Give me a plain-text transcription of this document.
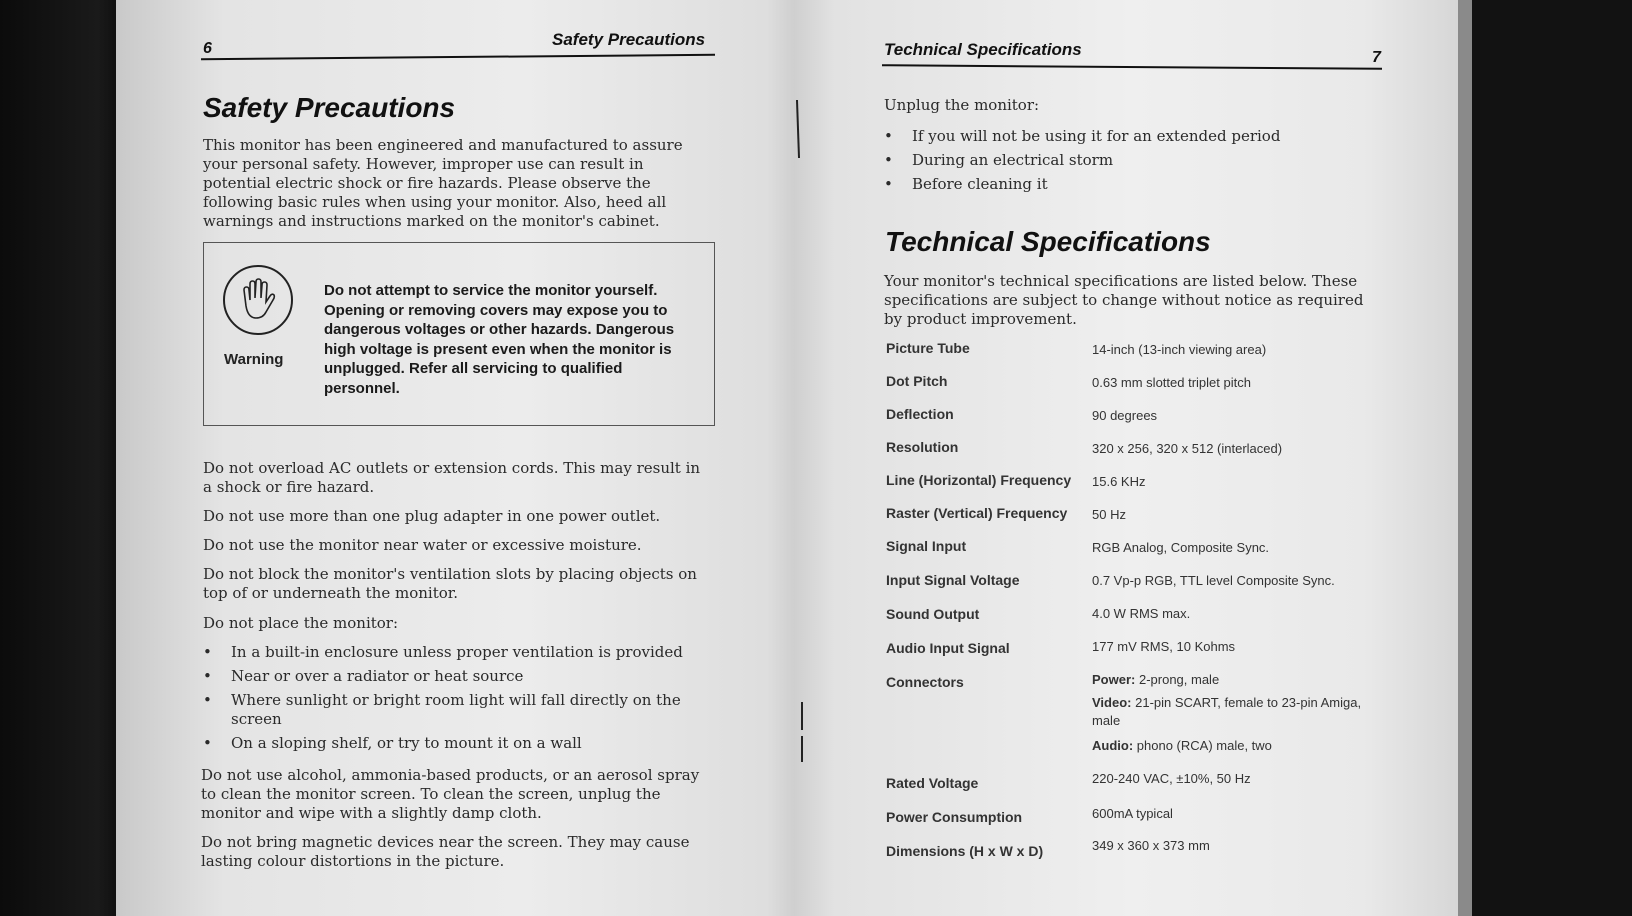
6	Safety Precautions
Safety Precautions

This monitor has been engineered and manufactured to assure your personal safety. However, improper use can result in potential electric shock or fire hazards. Please observe the following basic rules when using your monitor. Also, heed all warnings and instructions marked on the monitor's cabinet.

Warning
Do not attempt to service the monitor yourself. Opening or removing covers may expose you to dangerous voltages or other hazards. Dangerous high voltage is present even when the monitor is unplugged. Refer all servicing to qualified personnel.

Do not overload AC outlets or extension cords. This may result in a shock or fire hazard.

Do not use more than one plug adapter in one power outlet.

Do not use the monitor near water or excessive moisture.

Do not block the monitor's ventilation slots by placing objects on top of or underneath the monitor.

Do not place the monitor:

• In a built-in enclosure unless proper ventilation is provided
• Near or over a radiator or heat source
• Where sunlight or bright room light will fall directly on the screen
• On a sloping shelf, or try to mount it on a wall

Do not use alcohol, ammonia-based products, or an aerosol spray to clean the monitor screen. To clean the screen, unplug the monitor and wipe with a slightly damp cloth.

Do not bring magnetic devices near the screen. They may cause lasting colour distortions in the picture.

Technical Specifications	7
Unplug the monitor:
• If you will not be using it for an extended period
• During an electrical storm
• Before cleaning it
Technical Specifications

Your monitor's technical specifications are listed below. These specifications are subject to change without notice as required by product improvement.

Picture Tube	14-inch (13-inch viewing area)
Dot Pitch	0.63 mm slotted triplet pitch
Deflection	90 degrees
Resolution	320 x 256, 320 x 512 (interlaced)
Line (Horizontal) Frequency 15.6 KHz
Raster (Vertical) Frequency 50 Hz
Signal Input	RGB Analog, Composite Sync.
Input Signal Voltage	0.7 Vp-p RGB, TTL level Composite Sync.
Sound Output	4.0 W RMS max.
Audio Input Signal	177 mV RMS, 10 Kohms
Connectors	Power: 2-prong, male
Video: 21-pin SCART, female to 23-pin Amiga, male
Audio: phono (RCA) male, two
Rated Voltage	220-240 VAC, ±10%, 50 Hz
Power Consumption	600mA typical
Dimensions (H x W x D)	349 x 360 x 373 mm
